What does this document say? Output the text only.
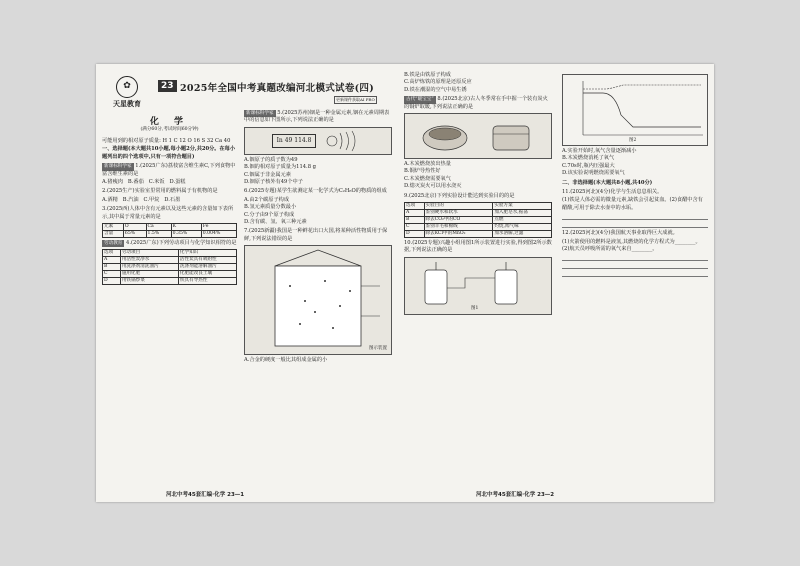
✿
天星教育
23 2025年全国中考真题改编河北模式试卷(四)
更新课件获取AI PRO
化 学
(满分60分,考试时间60分钟)

可能用到的相对原子质量: H 1 C 12 O 16 S 32 Ca 40

一、选择题(本大题共10小题,每小题2分,共20分。在每小题列出的四个选项中,只有一项符合题目)

新课标科学家 1.(2025广东)荔枝富含维生素C,下列食物中富含维生素的是

A.猪瘦肉 B.番茄 C.米饭 D.蛋糕

2.(2025生产)实验室里常用的燃料属于有机物的是

A.酒精 B.汽油 C.甲烷 D.石墨

3.(2025西)人体中含有元素以及这些元素的含量如下表所示,其中属于常量元素的是

元素	O	Ca	K	Fe
含量	65%	1.5%	0.35%	0.004%

劳动教育 4.(2025广东)下列劳动项目与化学知识相符的是

选项	劳动项目	化学知识
A	用活性炭净水	活性炭具有吸附性
B	用洗涤剂清洗油污	洗涤剂能溶解油污
C	施用化肥	化肥能改良土壤
D	用铁锅炒菜	铁具有导热性

新课标科学家 5.(2025苏州)铟是一种金属元素,铟在元素周期表中的信息如下图所示,下列说法正确的是

In 49 114.8

A.铟原子的质子数为49
B.铟的相对原子质量为114.8 g
C.铟属于非金属元素
D.铟原子核外有49个中子

6.(2025专题)某学生欲测定某一化学式为C₂H₆O的物质的组成

A.由2个碳原子构成
B.氢元素质量分数最小
C.分子由9个原子构成
D.含有碳、氢、氧三种元素

7.(2025新疆)我国是一种鲜花出口大国,将某种活性物质用于保鲜,下列说法错误的是

图示装置

A.合金的硬度一般比其组成金属的小

B.铁是由铁原子构成
C.高炉炼铁的原理是还原反应
D.铁在潮湿的空气中易生锈

古代“暖宝宝” 8.(2025北京)古人冬季常在手中握一个装有炭火的铜炉取暖,下列说法正确的是

A.木炭燃烧放出热量
B.铜炉导热性好
C.木炭燃烧需要氧气
D.熄灭炭火可以用水浇灭

9.(2025北京)下列实验设计能达到实验目的的是

选项	实验目的	实验方案
A	鉴别硬水和软水	加入肥皂水,振荡
B	除去CO₂中的CO	点燃
C	鉴别羊毛和棉线	灼烧,闻气味
D	除去KCl中的MnO₂	加水溶解,过滤

10.(2025专题)兴趣小组用图1所示装置进行实验,得到图2所示数据,下列说法正确的是

图1
图2

A.实验开始时,氧气含量逐渐减小
B.木炭燃烧消耗了氧气
C.70s时,瓶内压强最大
D.该实验说明燃烧需要氧气

二、非选择题(本大题共8小题,共40分)

11.(2025河北)(4分)化学与生活息息相关。

(1)铁是人体必需的微量元素,缺铁会引起贫血。(2)食醋中含有醋酸,可用于除去水壶中的水垢。

12.(2025河北)(4分)我国航天事业取得巨大成就。

(1)火箭使用的燃料是液氢,其燃烧的化学方程式为________。(2)航天员呼吸所需的氧气来自________。

河北中考45套汇编·化学 23—1	河北中考45套汇编·化学 23—2
